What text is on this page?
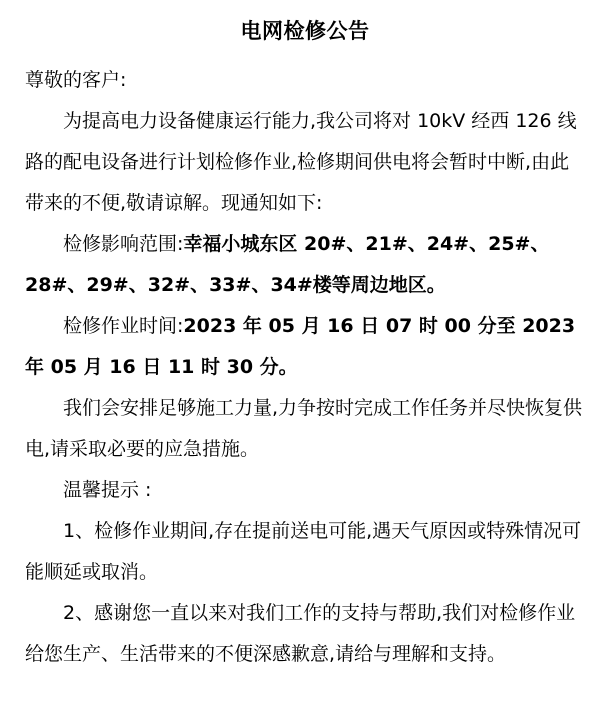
电网检修公告

尊敬的客户:

为提高电力设备健康运行能力,我公司将对 10kV 经西 126 线路的配电设备进行计划检修作业,检修期间供电将会暂时中断,由此带来的不便,敬请谅解。现通知如下:

检修影响范围:幸福小城东区 20#、21#、24#、25#、28#、29#、32#、33#、34#楼等周边地区。

检修作业时间:2023 年 05 月 16 日 07 时 00 分至 2023 年 05 月 16 日 11 时 30 分。

我们会安排足够施工力量,力争按时完成工作任务并尽快恢复供电,请采取必要的应急措施。

温馨提示 :

1、检修作业期间,存在提前送电可能,遇天气原因或特殊情况可能顺延或取消。

2、感谢您一直以来对我们工作的支持与帮助,我们对检修作业给您生产、生活带来的不便深感歉意,请给与理解和支持。
